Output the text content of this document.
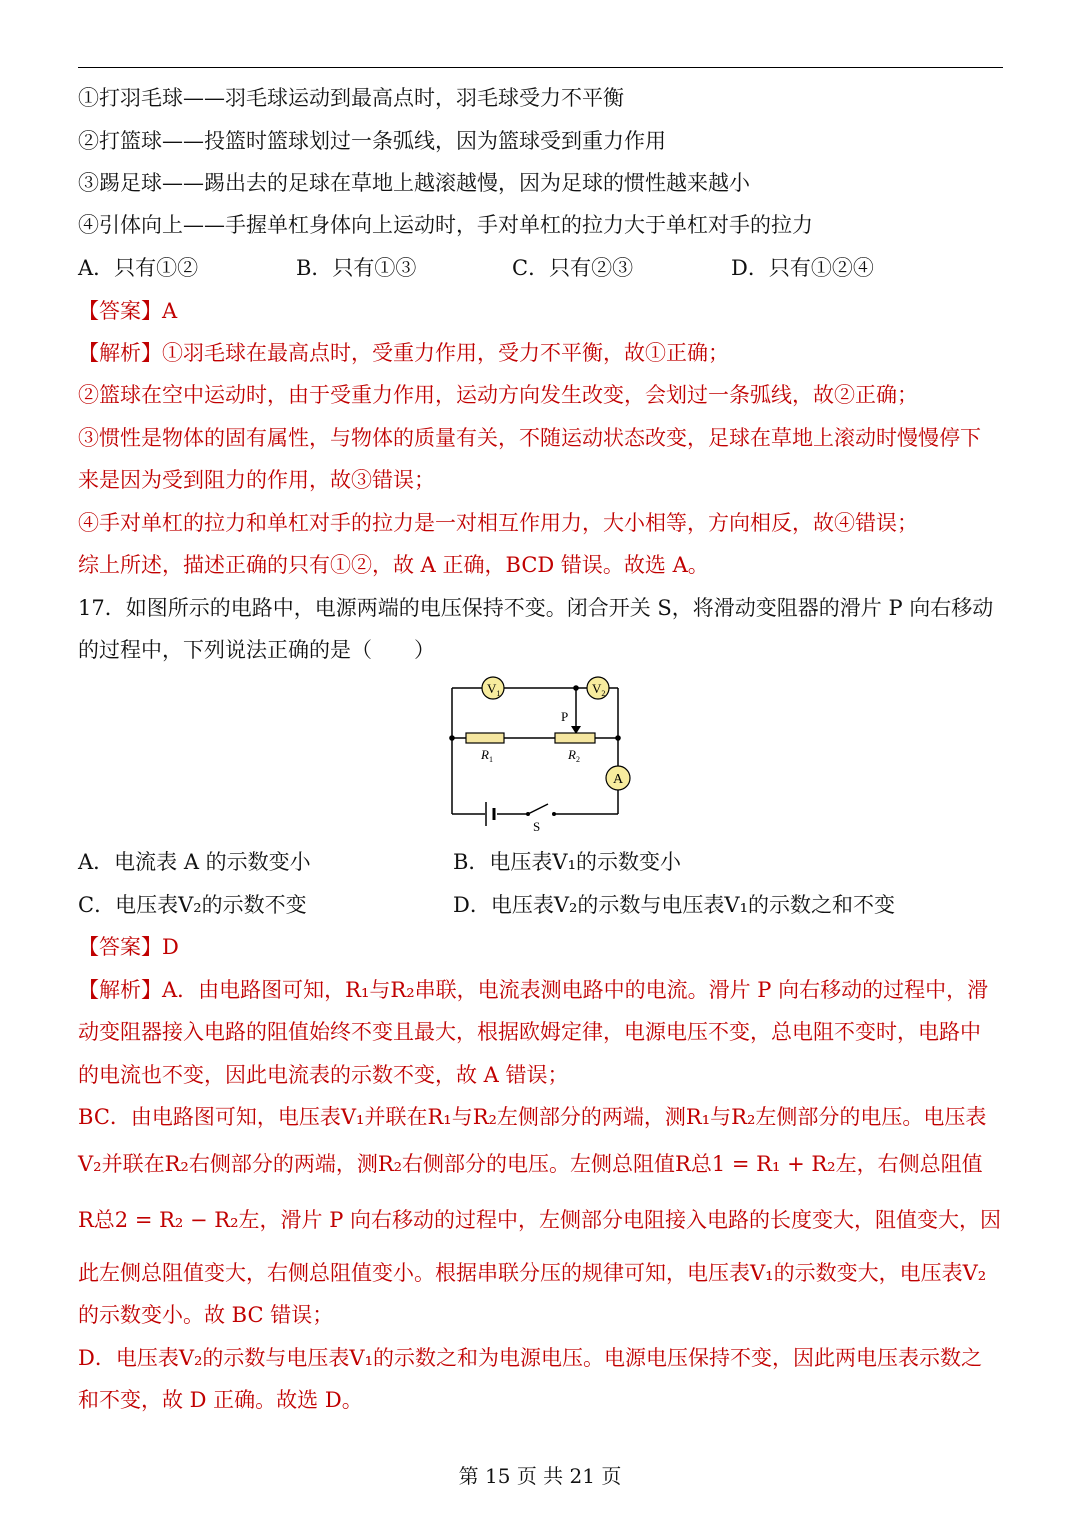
①打羽毛球——羽毛球运动到最高点时，羽毛球受力不平衡
②打篮球——投篮时篮球划过一条弧线，因为篮球受到重力作用
③踢足球——踢出去的足球在草地上越滚越慢，因为足球的惯性越来越小
④引体向上——手握单杠身体向上运动时，手对单杠的拉力大于单杠对手的拉力
A．只有①②	B．只有①③	C．只有②③	D．只有①②④
【答案】A
【解析】①羽毛球在最高点时，受重力作用，受力不平衡，故①正确；
②篮球在空中运动时，由于受重力作用，运动方向发生改变，会划过一条弧线，故②正确；
③惯性是物体的固有属性，与物体的质量有关，不随运动状态改变，足球在草地上滚动时慢慢停下
来是因为受到阻力的作用，故③错误；
④手对单杠的拉力和单杠对手的拉力是一对相互作用力，大小相等，方向相反，故④错误；
综上所述，描述正确的只有①②，故 A 正确，BCD 错误。故选 A。
17．如图所示的电路中，电源两端的电压保持不变。闭合开关 S，将滑动变阻器的滑片 P 向右移动
的过程中，下列说法正确的是（　　）
$V_1$	$V_2$
A
P
$R_1$	$R_2$
S
A．电流表 A 的示数变小	B．电压表V₁的示数变小
C．电压表V₂的示数不变	D．电压表V₂的示数与电压表V₁的示数之和不变
【答案】D
【解析】A．由电路图可知，R₁与R₂串联，电流表测电路中的电流。滑片 P 向右移动的过程中，滑
动变阻器接入电路的阻值始终不变且最大，根据欧姆定律，电源电压不变，总电阻不变时，电路中
的电流也不变，因此电流表的示数不变，故 A 错误；
BC．由电路图可知，电压表V₁并联在R₁与R₂左侧部分的两端，测R₁与R₂左侧部分的电压。电压表
V₂并联在R₂右侧部分的两端，测R₂右侧部分的电压。左侧总阻值R总1 = R₁ + R₂左，右侧总阻值
R总2 = R₂ − R₂左，滑片 P 向右移动的过程中，左侧部分电阻接入电路的长度变大，阻值变大，因
此左侧总阻值变大，右侧总阻值变小。根据串联分压的规律可知，电压表V₁的示数变大，电压表V₂
的示数变小。故 BC 错误；
D．电压表V₂的示数与电压表V₁的示数之和为电源电压。电源电压保持不变，因此两电压表示数之
和不变，故 D 正确。故选 D。
第 15 页 共 21 页
